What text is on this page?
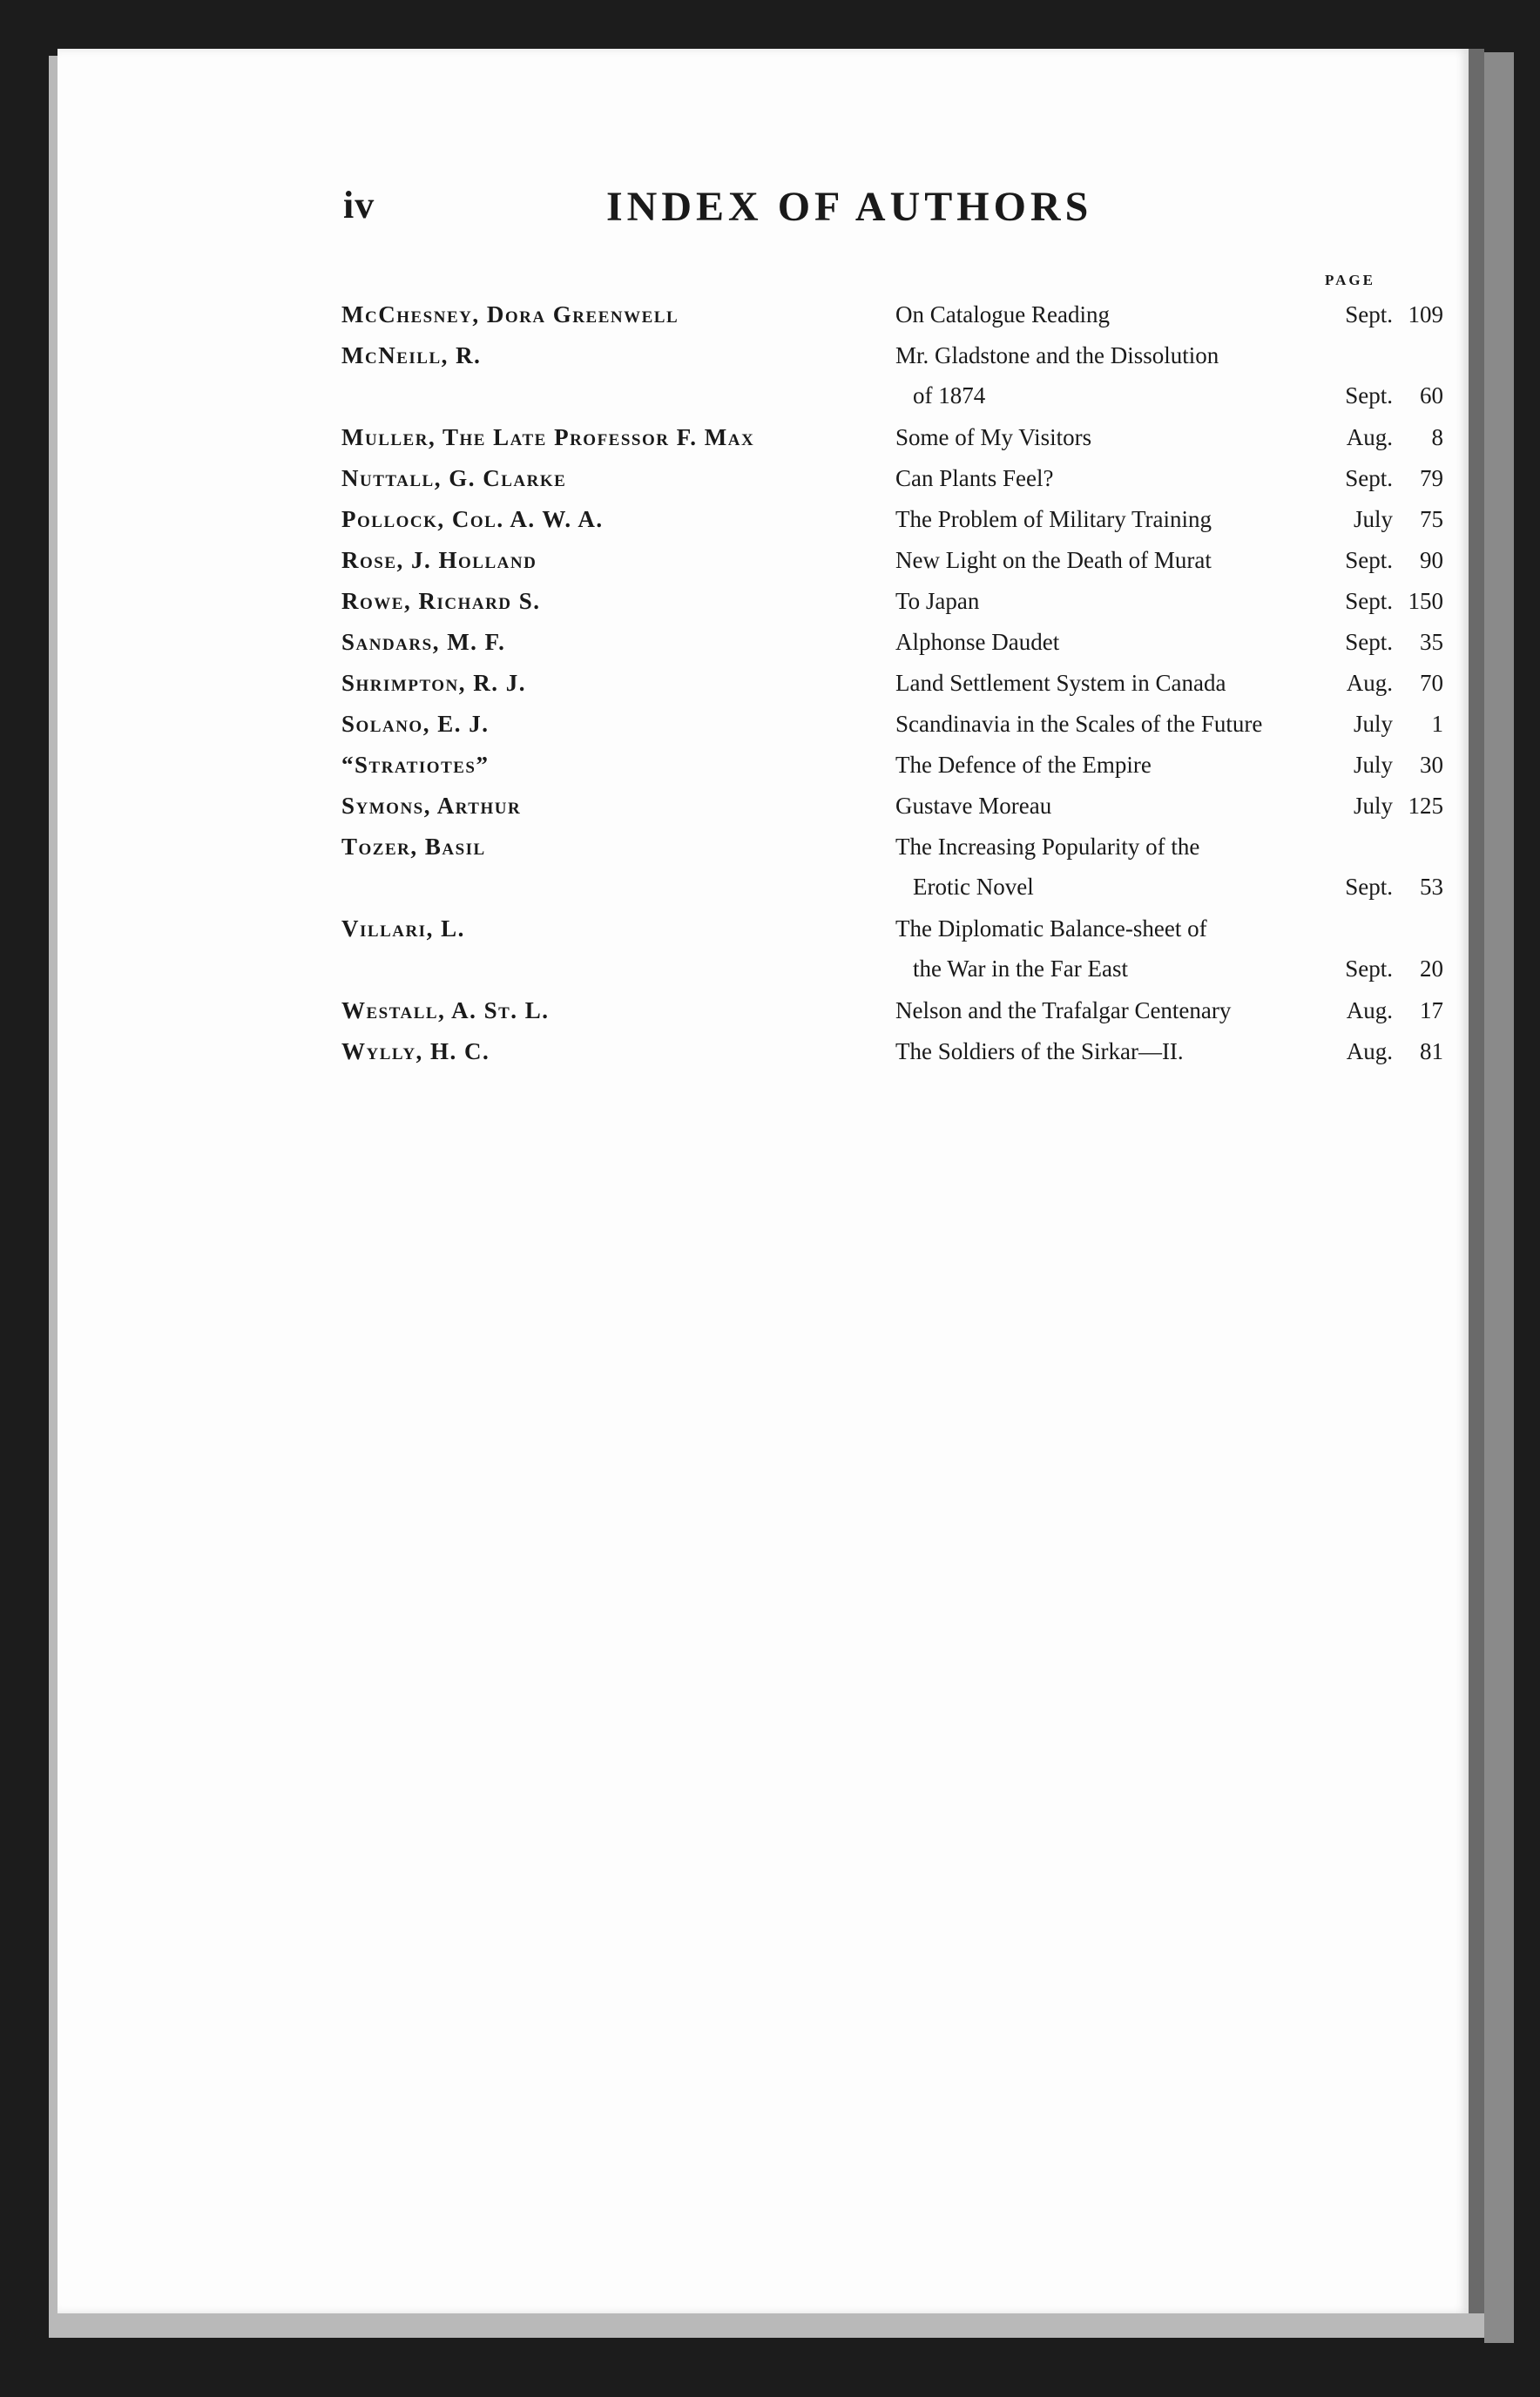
iv	INDEX OF AUTHORS
PAGE
McChesney, Dora Greenwell	On Catalogue Reading	Sept. 109
McNeill, R.	Mr. Gladstone and the Dissolution
of 1874	Sept.	60
Muller, The Late Professor F. Max	Some of My Visitors	Aug.	8
Nuttall, G. Clarke	Can Plants Feel?	Sept.	79
Pollock, Col. A. W. A.	The Problem of Military Training	July	75
Rose, J. Holland	New Light on the Death of Murat	Sept.	90
Rowe, Richard S.	To Japan	Sept. 150
Sandars, M. F.	Alphonse Daudet	Sept.	35
Shrimpton, R. J.	Land Settlement System in Canada	Aug.	70
Solano, E. J.	Scandinavia in the Scales of the Future	July	1
“Stratiotes”	The Defence of the Empire	July	30
Symons, Arthur	Gustave Moreau	July 125
Tozer, Basil	The Increasing Popularity of the
Erotic Novel	Sept.	53
Villari, L.	The Diplomatic Balance-sheet of
the War in the Far East	Sept.	20
Westall, A. St. L.	Nelson and the Trafalgar Centenary	Aug.	17
Wylly, H. C.	The Soldiers of the Sirkar—II.	Aug.	81
